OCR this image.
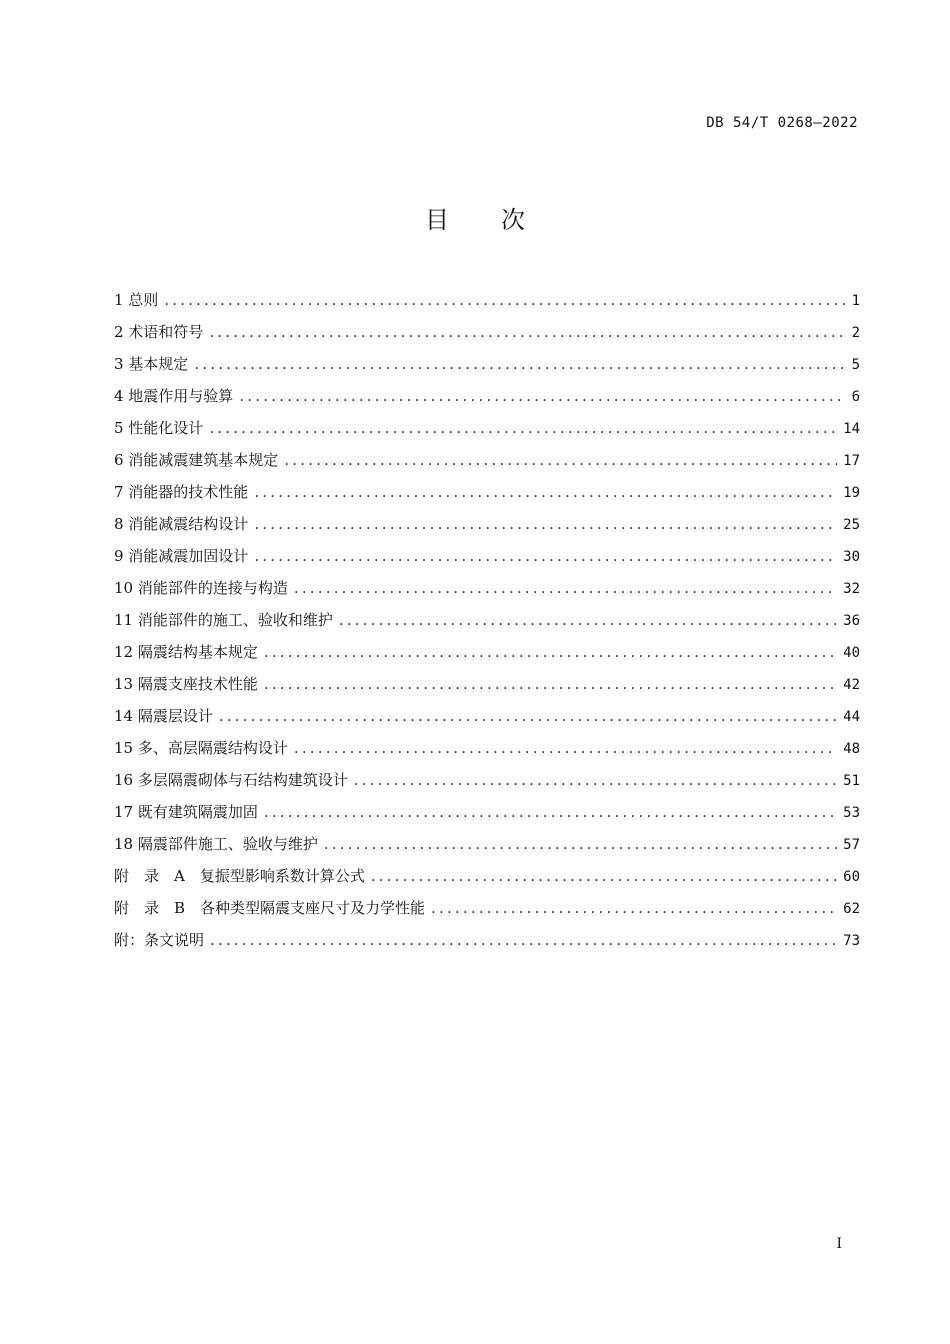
DB 54/T 0268—2022
目次
1 总则 .....	1
2 术语和符号 .....	2
3 基本规定 .....	5
4 地震作用与验算 .....	6
5 性能化设计 .....	14
6 消能减震建筑基本规定 .....	17
7 消能器的技术性能 .....	19
8 消能减震结构设计 .....	25
9 消能减震加固设计 .....	30
10 消能部件的连接与构造 .....	32
11 消能部件的施工、验收和维护 .....	36
12 隔震结构基本规定 .....	40
13 隔震支座技术性能 .....	42
14 隔震层设计 .....	44
15 多、高层隔震结构设计 .....	48
16 多层隔震砌体与石结构建筑设计 .....	51
17 既有建筑隔震加固 .....	53
18 隔震部件施工、验收与维护 .....	57
附　录　A　复振型影响系数计算公式 .....	60
附　录　B　各种类型隔震支座尺寸及力学性能 .....	62
附：条文说明 .....	73
I
